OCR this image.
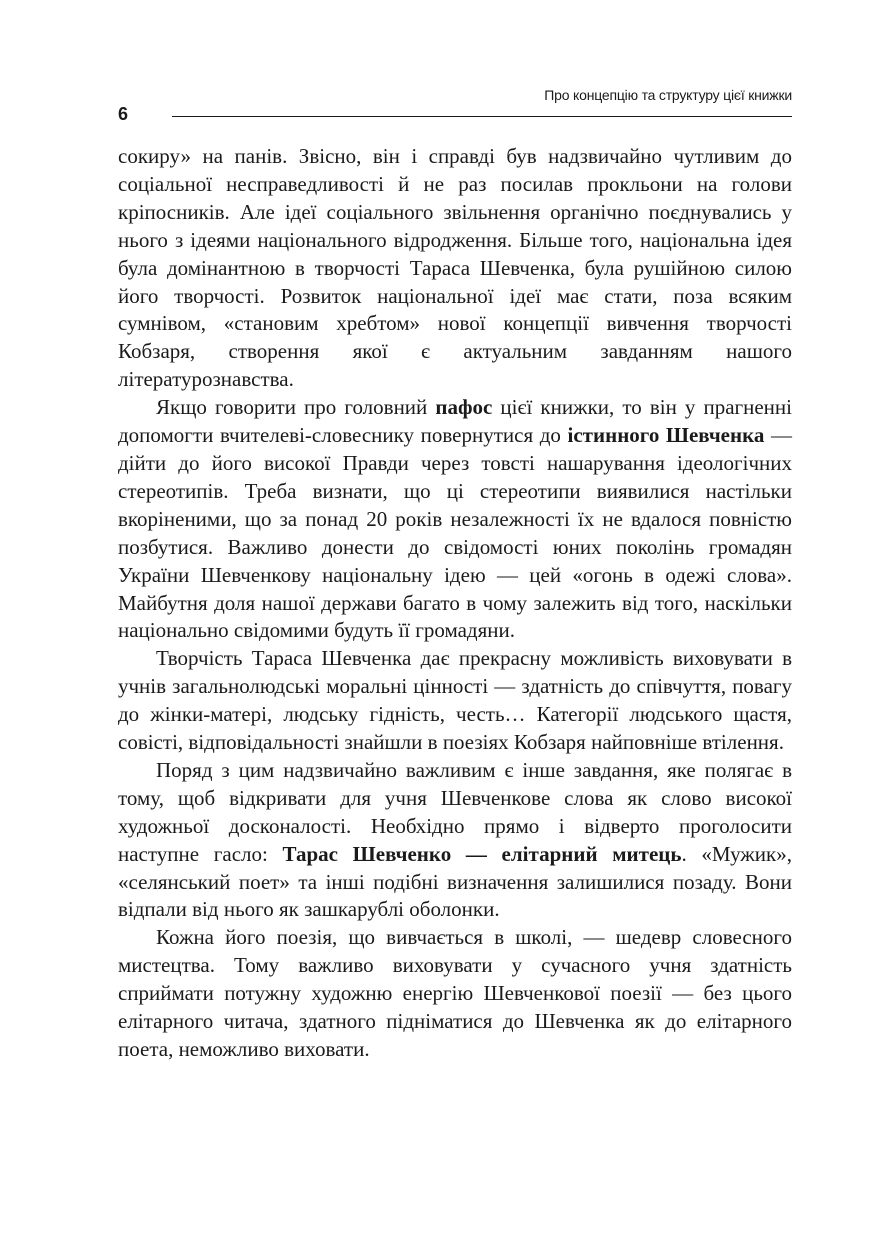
Про концепцію та структуру цієї книжки
6

сокиру» на панів. Звісно, він і справді був надзвичайно чутливим до соціальної несправедливості й не раз посилав прокльони на голови кріпосників. Але ідеї соціального звільнення органічно поєднувались у нього з ідеями національного відродження. Більше того, національна ідея була домінантною в творчості Тараса Шевченка, була рушійною силою його творчості. Розвиток національної ідеї має стати, поза всяким сумнівом, «становим хребтом» нової концепції вивчення творчості Кобзаря, створення якої є актуальним завданням нашого літературознавства.

Якщо говорити про головний пафос цієї книжки, то він у прагненні допомогти вчителеві-словеснику повернутися до істинного Шевченка — дійти до його високої Правди через товсті нашарування ідеологічних стереотипів. Треба визнати, що ці стереотипи виявилися настільки вкоріненими, що за понад 20 років незалежності їх не вдалося повністю позбутися. Важливо донести до свідомості юних поколінь громадян України Шевченкову національну ідею — цей «огонь в одежі слова». Майбутня доля нашої держави багато в чому залежить від того, наскільки національно свідомими будуть її громадяни.

Творчість Тараса Шевченка дає прекрасну можливість виховувати в учнів загальнолюдські моральні цінності — здатність до співчуття, повагу до жінки-матері, людську гідність, честь… Категорії людського щастя, совісті, відповідальності знайшли в поезіях Кобзаря найповніше втілення.

Поряд з цим надзвичайно важливим є інше завдання, яке полягає в тому, щоб відкривати для учня Шевченкове слова як слово високої художньої досконалості. Необхідно прямо і відверто проголосити наступне гасло: Тарас Шевченко — елітарний митець. «Мужик», «селянський поет» та інші подібні визначення залишилися позаду. Вони відпали від нього як зашкарублі оболонки.

Кожна його поезія, що вивчається в школі, — шедевр словесного мистецтва. Тому важливо виховувати у сучасного учня здатність сприймати потужну художню енергію Шевченкової поезії — без цього елітарного читача, здатного підніматися до Шевченка як до елітарного поета, неможливо виховати.
